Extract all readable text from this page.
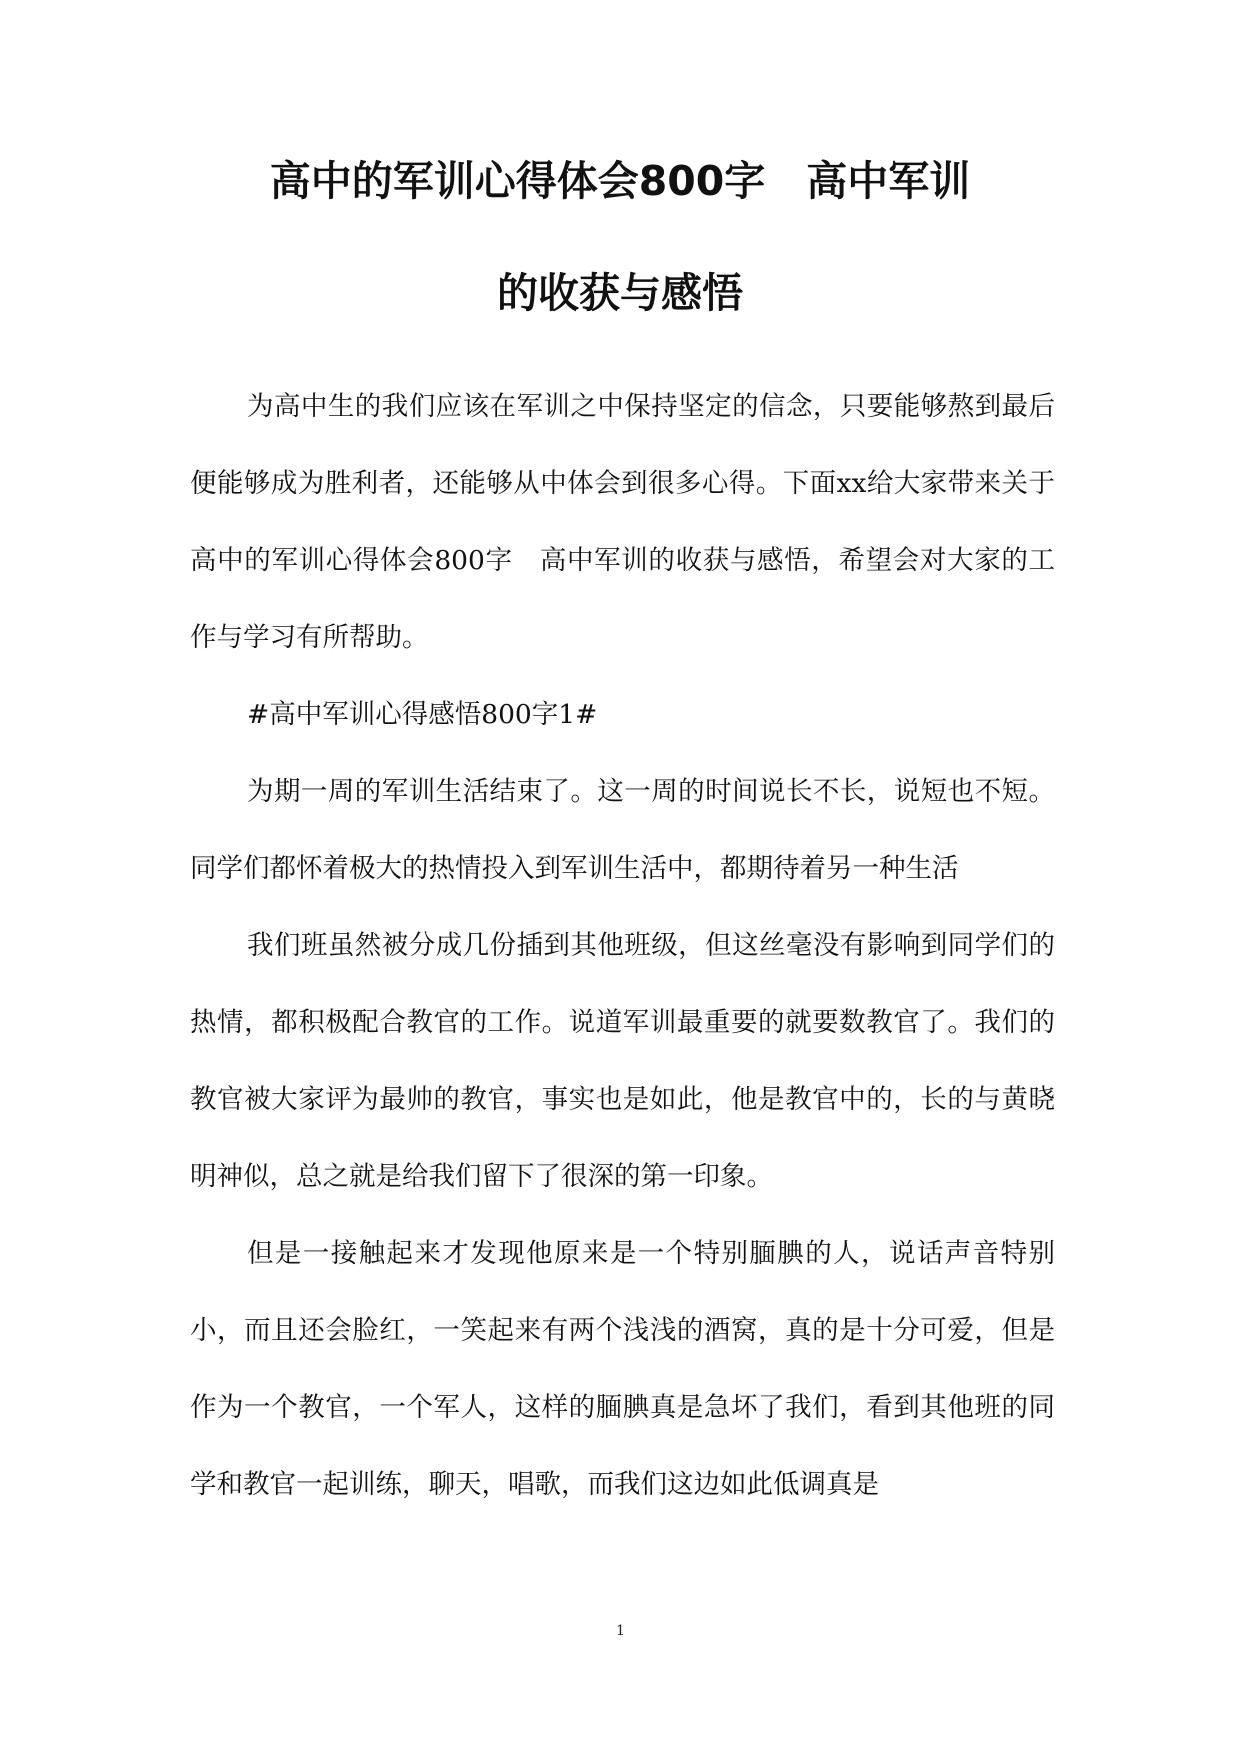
高中的军训心得体会800字　高中军训
的收获与感悟

为高中生的我们应该在军训之中保持坚定的信念，只要能够熬到最后便能够成为胜利者，还能够从中体会到很多心得。下面xx给大家带来关于高中的军训心得体会800字　高中军训的收获与感悟，希望会对大家的工作与学习有所帮助。

#高中军训心得感悟800字1#

为期一周的军训生活结束了。这一周的时间说长不长，说短也不短。同学们都怀着极大的热情投入到军训生活中，都期待着另一种生活

我们班虽然被分成几份插到其他班级，但这丝毫没有影响到同学们的热情，都积极配合教官的工作。说道军训最重要的就要数教官了。我们的教官被大家评为最帅的教官，事实也是如此，他是教官中的，长的与黄晓明神似，总之就是给我们留下了很深的第一印象。

但是一接触起来才发现他原来是一个特别腼腆的人，说话声音特别小，而且还会脸红，一笑起来有两个浅浅的酒窝，真的是十分可爱，但是作为一个教官，一个军人，这样的腼腆真是急坏了我们，看到其他班的同学和教官一起训练，聊天，唱歌，而我们这边如此低调真是

1
